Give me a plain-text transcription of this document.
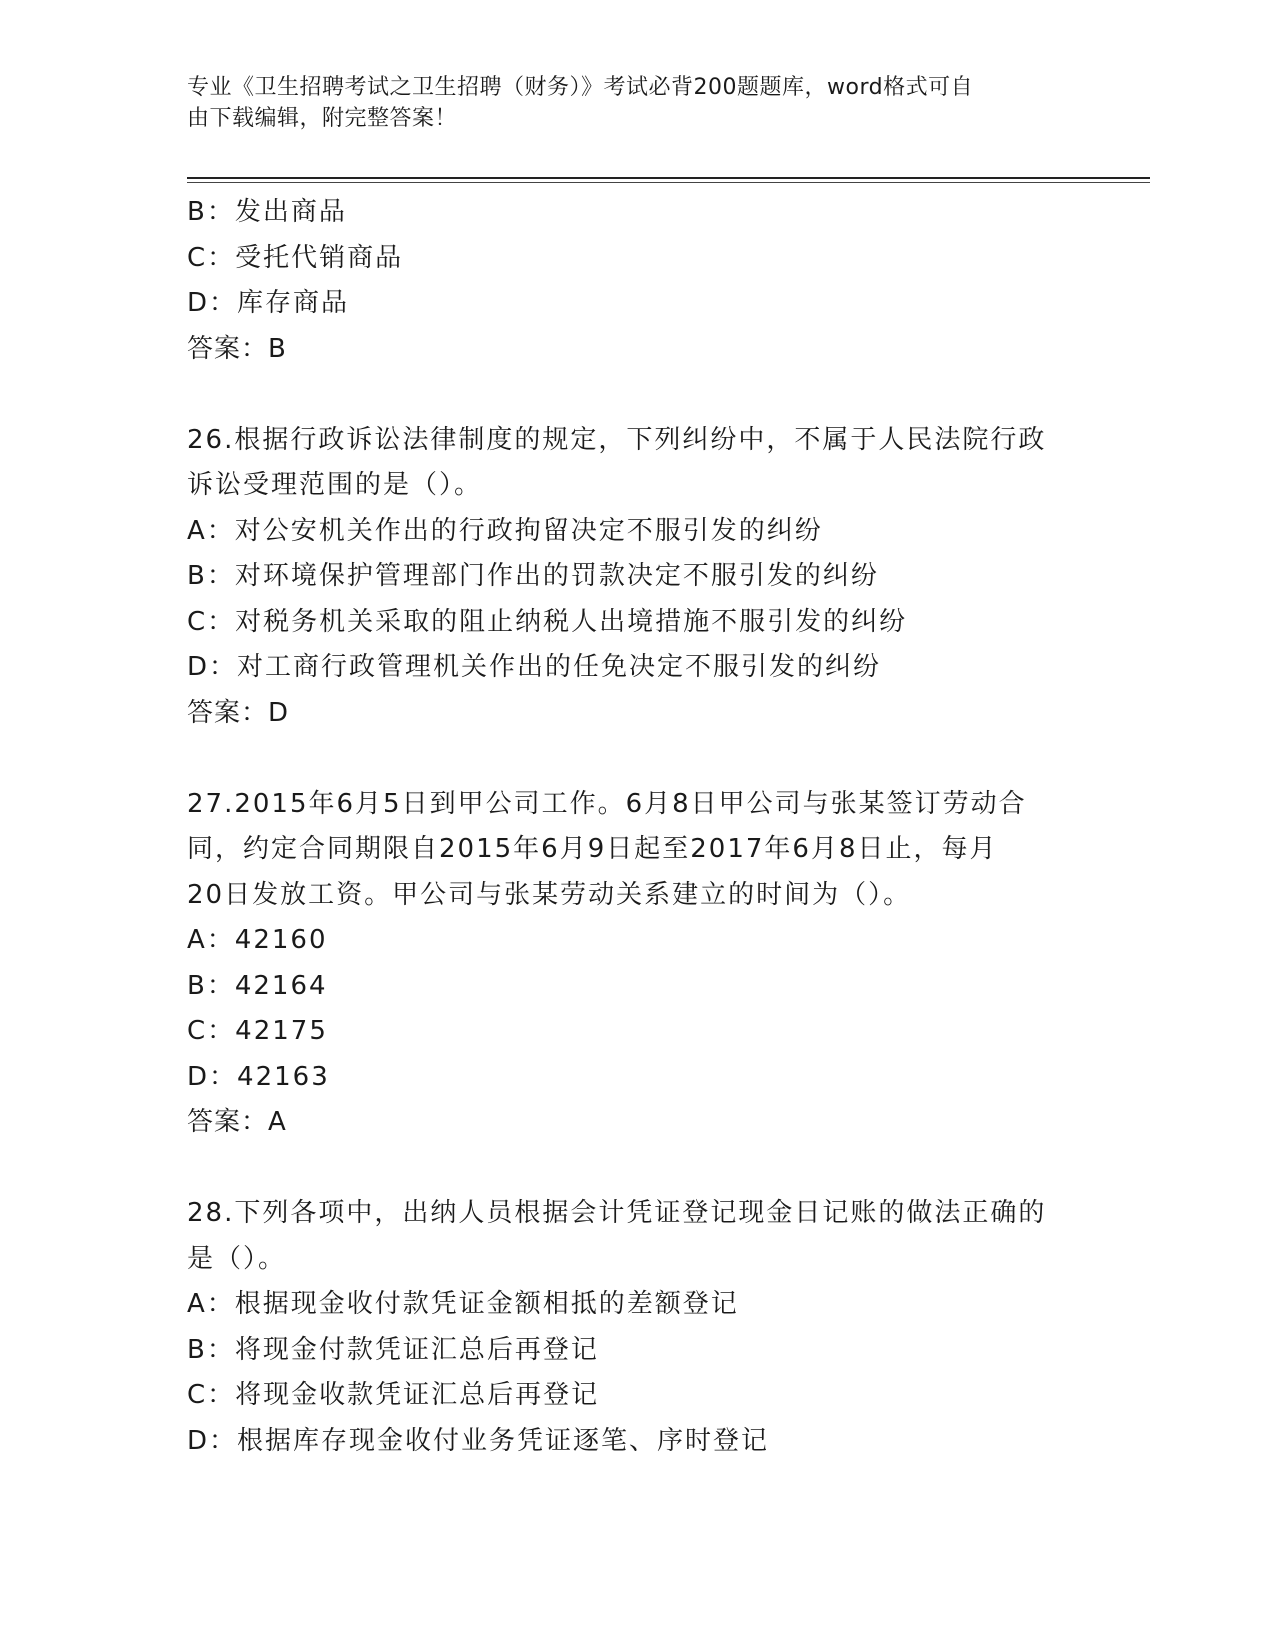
专业《卫生招聘考试之卫生招聘（财务）》考试必背200题题库，word格式可自
由下载编辑，附完整答案！
B：发出商品
C：受托代销商品
D：库存商品
答案：B
26.根据行政诉讼法律制度的规定，下列纠纷中，不属于人民法院行政
诉讼受理范围的是（）。
A：对公安机关作出的行政拘留决定不服引发的纠纷
B：对环境保护管理部门作出的罚款决定不服引发的纠纷
C：对税务机关采取的阻止纳税人出境措施不服引发的纠纷
D：对工商行政管理机关作出的任免决定不服引发的纠纷
答案：D
27.2015年6月5日到甲公司工作。6月8日甲公司与张某签订劳动合
同，约定合同期限自2015年6月9日起至2017年6月8日止，每月
20日发放工资。甲公司与张某劳动关系建立的时间为（）。
A：42160
B：42164
C：42175
D：42163
答案：A
28.下列各项中，出纳人员根据会计凭证登记现金日记账的做法正确的
是（）。
A：根据现金收付款凭证金额相抵的差额登记
B：将现金付款凭证汇总后再登记
C：将现金收款凭证汇总后再登记
D：根据库存现金收付业务凭证逐笔、序时登记
